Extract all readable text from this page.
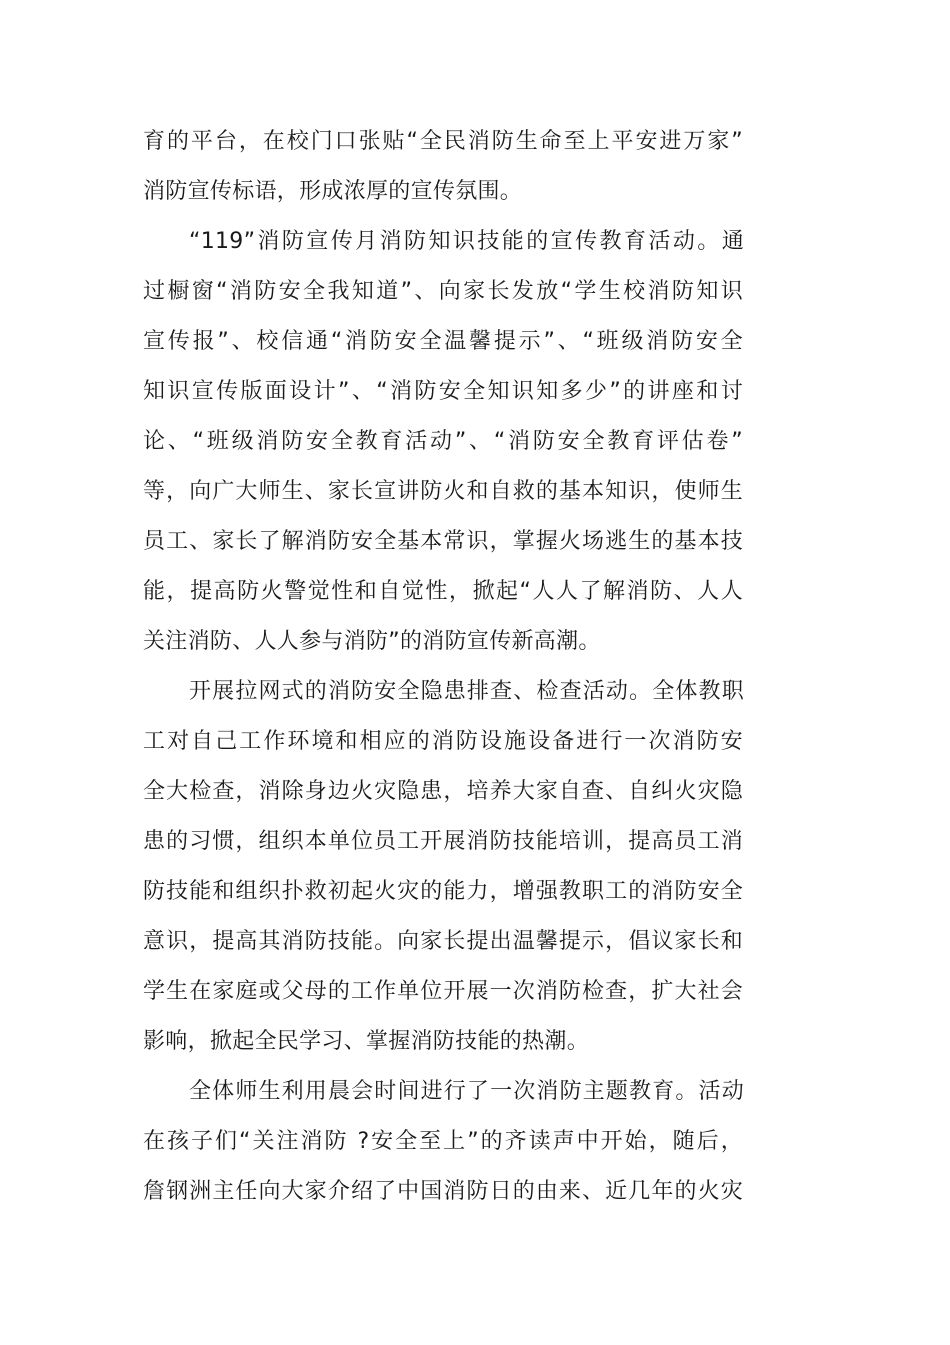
育的平台，在校门口张贴“全民消防生命至上平安进万家”
消防宣传标语，形成浓厚的宣传氛围。
“119”消防宣传月消防知识技能的宣传教育活动。通
过橱窗“消防安全我知道”、向家长发放“学生校消防知识
宣传报”、校信通“消防安全温馨提示”、“班级消防安全
知识宣传版面设计”、“消防安全知识知多少”的讲座和讨
论、“班级消防安全教育活动”、“消防安全教育评估卷”
等，向广大师生、家长宣讲防火和自救的基本知识，使师生
员工、家长了解消防安全基本常识，掌握火场逃生的基本技
能，提高防火警觉性和自觉性，掀起“人人了解消防、人人
关注消防、人人参与消防”的消防宣传新高潮。
开展拉网式的消防安全隐患排查、检查活动。全体教职
工对自己工作环境和相应的消防设施设备进行一次消防安
全大检查，消除身边火灾隐患，培养大家自查、自纠火灾隐
患的习惯，组织本单位员工开展消防技能培训，提高员工消
防技能和组织扑救初起火灾的能力，增强教职工的消防安全
意识，提高其消防技能。向家长提出温馨提示，倡议家长和
学生在家庭或父母的工作单位开展一次消防检查，扩大社会
影响，掀起全民学习、掌握消防技能的热潮。
全体师生利用晨会时间进行了一次消防主题教育。活动
在孩子们“关注消防 ?安全至上”的齐读声中开始，随后，
詹钢洲主任向大家介绍了中国消防日的由来、近几年的火灾
